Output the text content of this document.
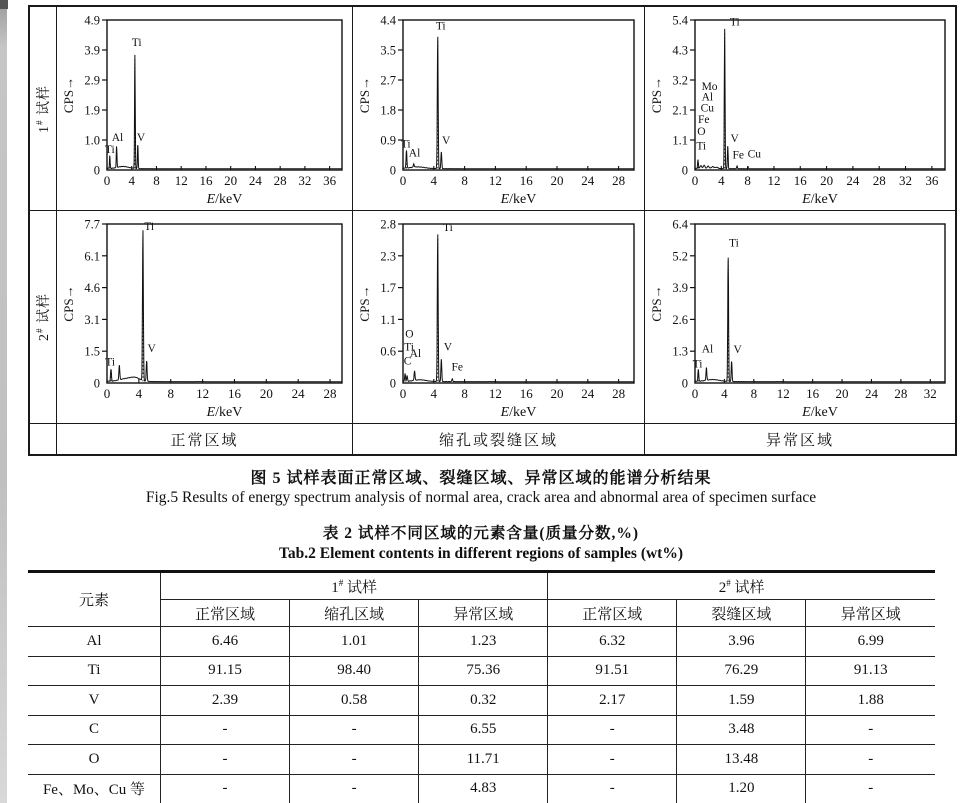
1# 试样
0
1.0
1.9
2.9
3.9
4.9
0 4 8 12 16 20 24 28 32 36
Ti
Al
Ti
V
CPS→
E/keV
0
0.9
1.8
2.7
3.5
4.4
0 4 8 12 16 20 24 28
Ti
Al
Ti
V
CPS→
E/keV
0
1.1
2.1
3.2
4.3
5.4
0 4 8 12 16 20 24 28 32 36
Mo
Al
Cu
Fe
O
Ti
Ti
V
Fe Cu
CPS→
E/keV
2# 试样
0
1.5
3.1
4.6
6.1
7.7
0 4 8 12 16 20 24 28
Ti
Ti
V
CPS→
E/keV
0
0.6
1.1
1.7
2.3
2.8
0 4 8 12 16 20 24 28
O
Ti
C
Al
Ti
V
Fe
CPS→
E/keV
0
1.3
2.6
3.9
5.2
6.4
0 4 8 12 16 20 24 28 32
Ti
Al
Ti
V
CPS→
E/keV
正常区域	缩孔或裂缝区域	异常区域
图 5 试样表面正常区域、裂缝区域、异常区域的能谱分析结果
Fig.5 Results of energy spectrum analysis of normal area, crack area and abnormal area of specimen surface
表 2 试样不同区域的元素含量(质量分数,%)
Tab.2 Element contents in different regions of samples (wt%)
元素	1# 试样			2# 试样		
	正常区域	缩孔区域	异常区域	正常区域	裂缝区域	异常区域
Al	6.46	1.01	1.23	6.32	3.96	6.99
Ti	91.15	98.40	75.36	91.51	76.29	91.13
V	2.39	0.58	0.32	2.17	1.59	1.88
C	-	-	6.55	-	3.48	-
O	-	-	11.71	-	13.48	-
Fe、Mo、Cu 等	-	-	4.83	-	1.20	-
